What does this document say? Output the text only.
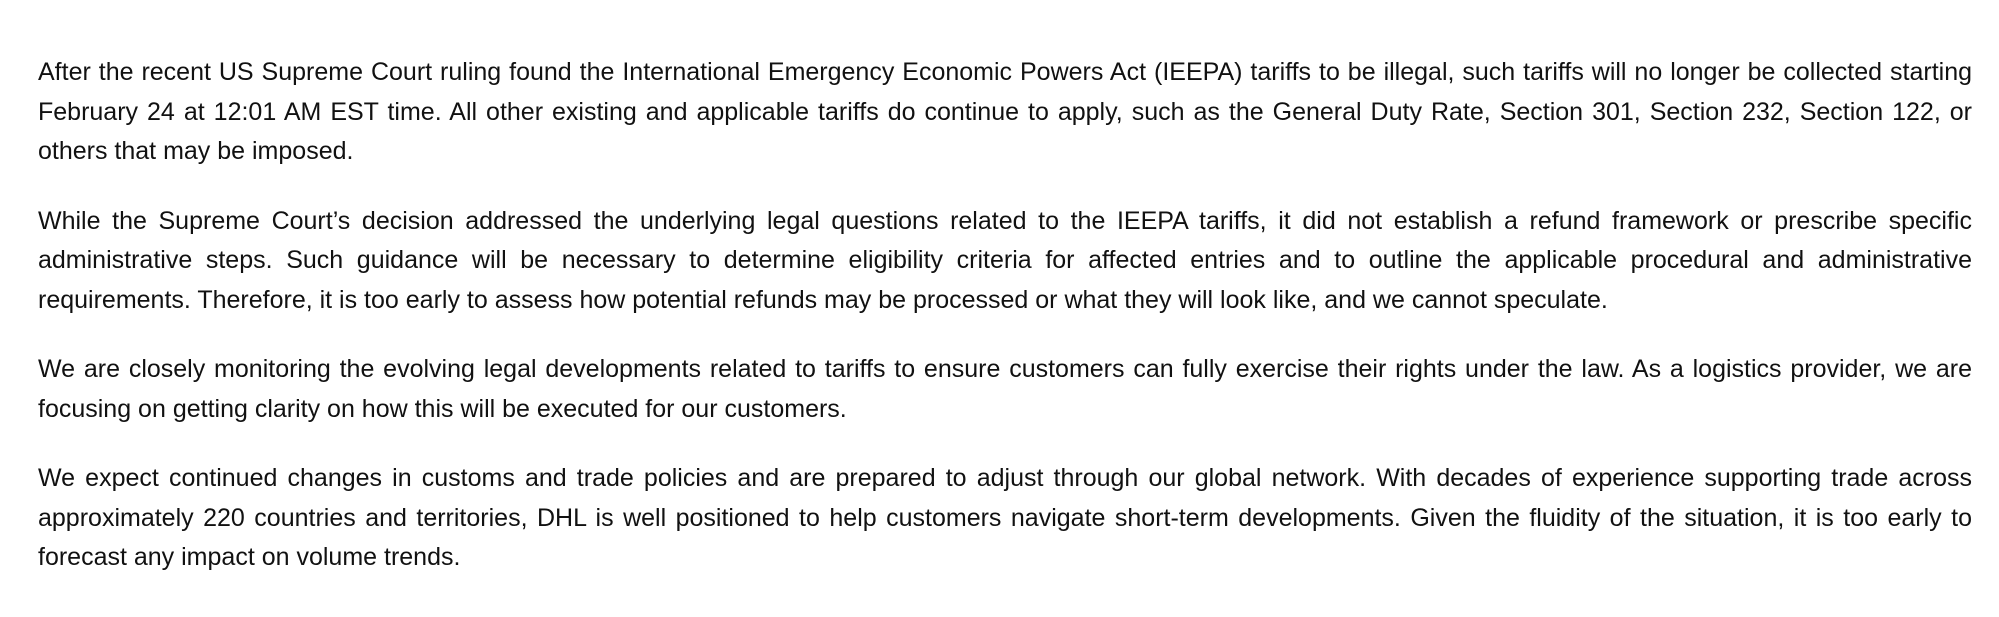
After the recent US Supreme Court ruling found the International Emergency Economic Powers Act (IEEPA) tariffs to be illegal, such tariffs will no longer be collected starting February 24 at 12:01 AM EST time. All other existing and applicable tariffs do continue to apply, such as the General Duty Rate, Section 301, Section 232, Section 122, or others that may be imposed.

While the Supreme Court’s decision addressed the underlying legal questions related to the IEEPA tariffs, it did not establish a refund framework or prescribe specific administrative steps. Such guidance will be necessary to determine eligibility criteria for affected entries and to outline the applicable procedural and administrative requirements. Therefore, it is too early to assess how potential refunds may be processed or what they will look like, and we cannot speculate.

We are closely monitoring the evolving legal developments related to tariffs to ensure customers can fully exercise their rights under the law. As a logistics provider, we are focusing on getting clarity on how this will be executed for our customers.

We expect continued changes in customs and trade policies and are prepared to adjust through our global network. With decades of experience supporting trade across approximately 220 countries and territories, DHL is well positioned to help customers navigate short-term developments. Given the fluidity of the situation, it is too early to forecast any impact on volume trends.
